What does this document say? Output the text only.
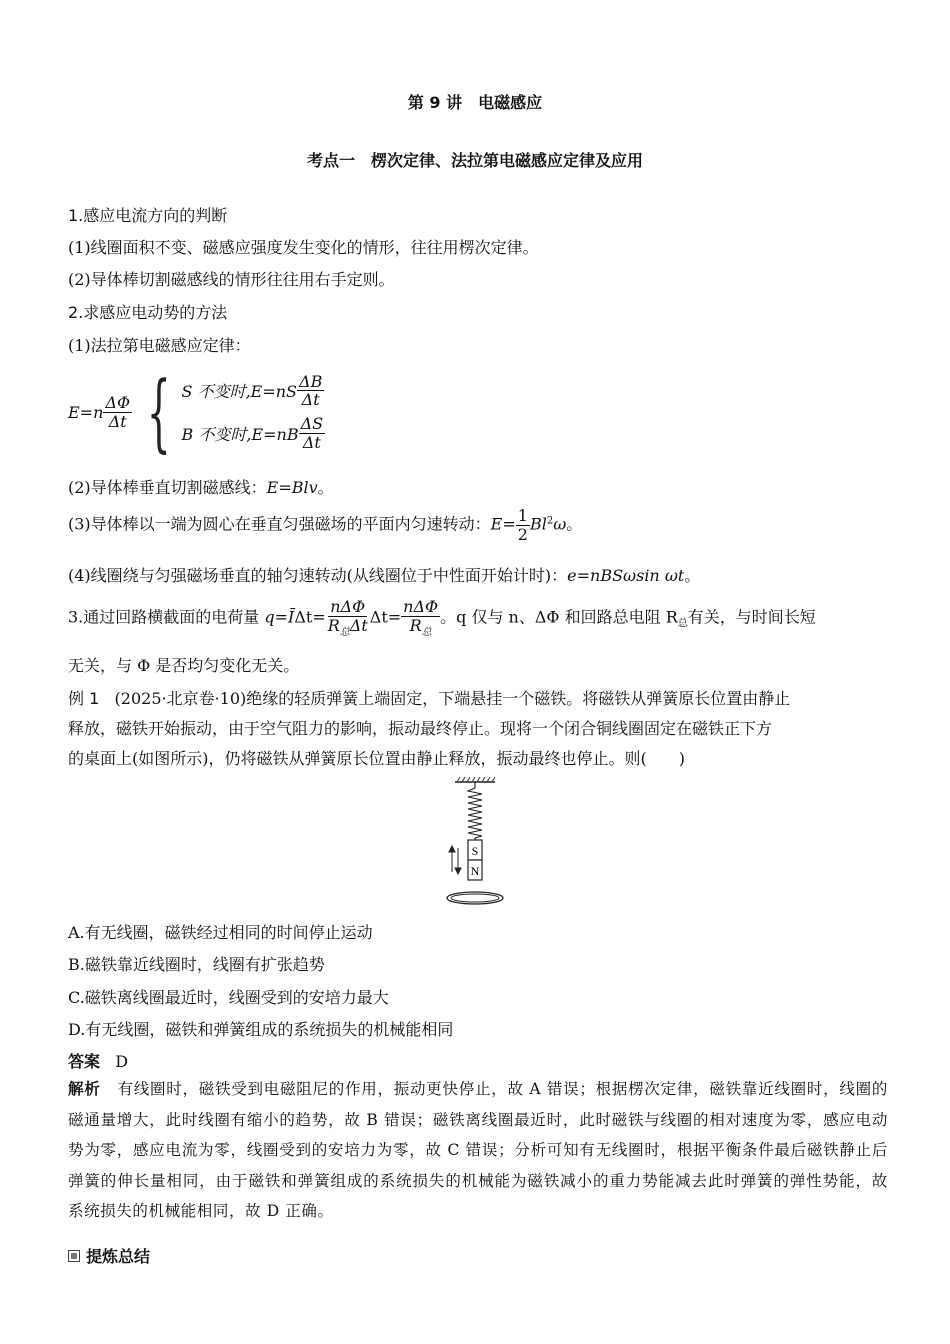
第 9 讲　电磁感应
考点一　楞次定律、法拉第电磁感应定律及应用
1.感应电流方向的判断
(1)线圈面积不变、磁感应强度发生变化的情形，往往用楞次定律。
(2)导体棒切割磁感线的情形往往用右手定则。
2.求感应电动势的方法
(1)法拉第电磁感应定律：
$E=n \frac{\Delta\Phi}{\Delta t}$ { S 不变时$,E=nS \frac{\Delta B}{\Delta t}$
B 不变时$,E=nB \frac{\Delta S}{\Delta t}$
(2)导体棒垂直切割磁感线：E=Blv。
(3)导体棒以一端为圆心在垂直匀强磁场的平面内匀速转动：$E= \frac{1}{2} Bl^2\omega$。
(4)线圈绕与匀强磁场垂直的轴匀速转动(从线圈位于中性面开始计时)：e=nBSωsin ωt。
3.通过回路横截面的电荷量 q=ĪΔt= $\frac{\text{nΔΦ}}{R_总\Delta t} \Delta t= \frac{\text{nΔΦ}}{R_总}$ 。q 仅与 n、ΔΦ 和回路总电阻 $R_总$有关，与时间长短
无关，与 Φ 是否均匀变化无关。
例 1 (2025·北京卷·10)绝缘的轻质弹簧上端固定，下端悬挂一个磁铁。将磁铁从弹簧原长位置由静止
释放，磁铁开始振动，由于空气阻力的影响，振动最终停止。现将一个闭合铜线圈固定在磁铁正下方
的桌面上(如图所示)，仍将磁铁从弹簧原长位置由静止释放，振动最终也停止。则(　　)
S
N
A.有无线圈，磁铁经过相同的时间停止运动
B.磁铁靠近线圈时，线圈有扩张趋势
C.磁铁离线圈最近时，线圈受到的安培力最大
D.有无线圈，磁铁和弹簧组成的系统损失的机械能相同
答案 D
解析 有线圈时，磁铁受到电磁阻尼的作用，振动更快停止，故 A 错误；根据楞次定律，磁铁靠近线圈时，线圈的磁通量增大，此时线圈有缩小的趋势，故 B 错误；磁铁离线圈最近时，此时磁铁与线圈的相对速度为零，感应电动势为零，感应电流为零，线圈受到的安培力为零，故 C 错误；分析可知有无线圈时，根据平衡条件最后磁铁静止后弹簧的伸长量相同，由于磁铁和弹簧组成的系统损失的机械能为磁铁减小的重力势能减去此时弹簧的弹性势能，故系统损失的机械能相同，故 D 正确。
提炼总结
